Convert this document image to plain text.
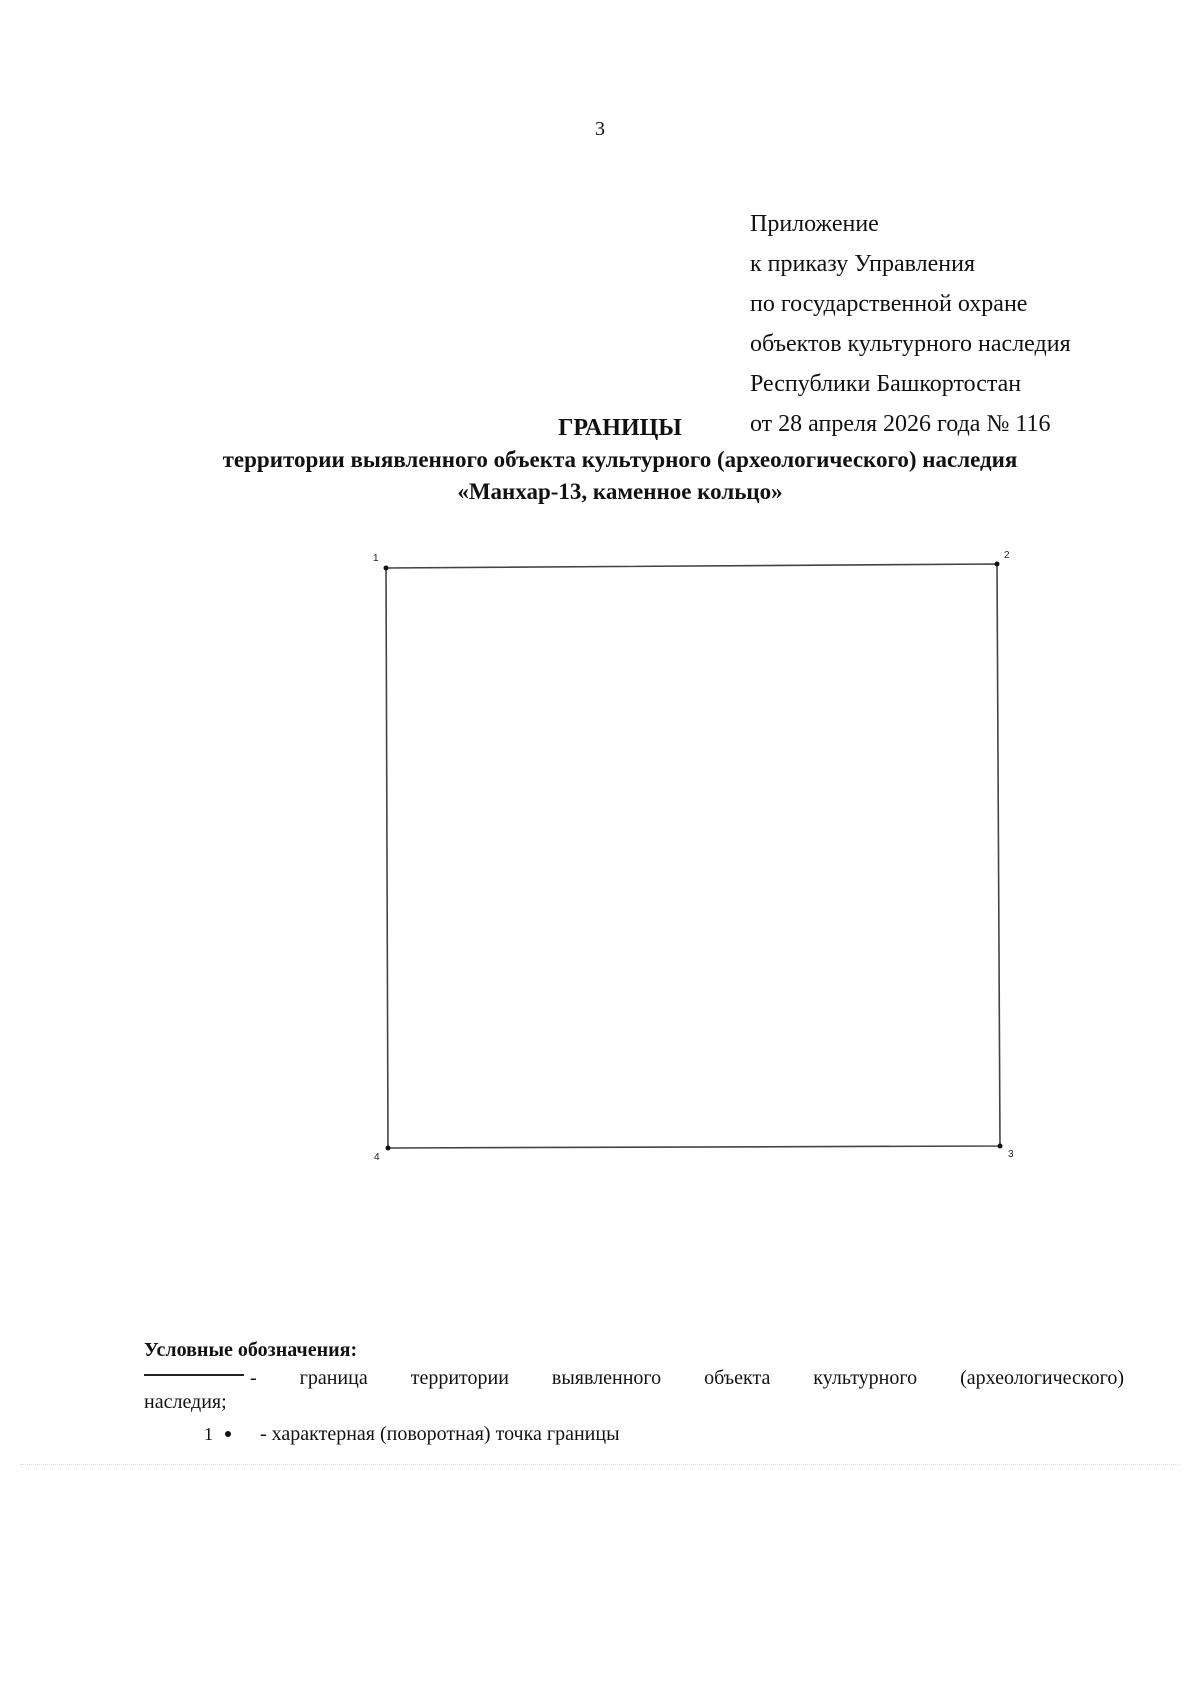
3
Приложение
к приказу Управления
по государственной охране
объектов культурного наследия
Республики Башкортостан
от 28 апреля 2026 года № 116
ГРАНИЦЫ
территории выявленного объекта культурного (археологического) наследия
«Манхар-13, каменное кольцо»
1	2
3
4
Условные обозначения:
- граница территории выявленного объекта культурного (археологического)
наследия;
1 - характерная (поворотная) точка границы
